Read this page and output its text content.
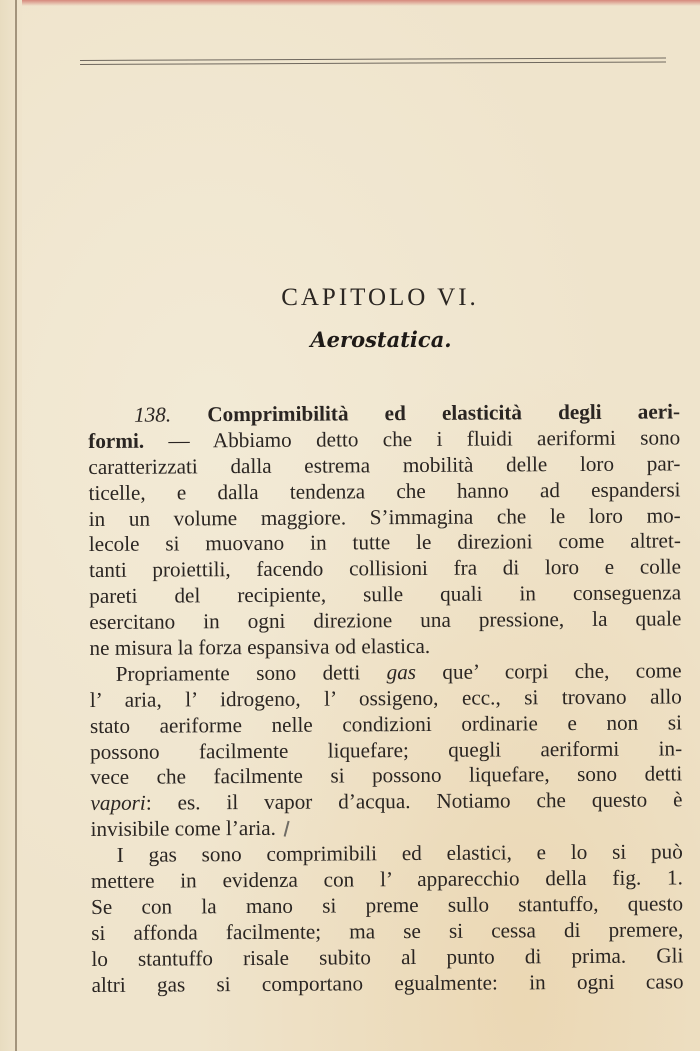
CAPITOLO VI.
Aerostatica.
138. Comprimibilità ed elasticità degli aeri-
formi. — Abbiamo detto che i fluidi aeriformi sono
caratterizzati dalla estrema mobilità delle loro par-
ticelle, e dalla tendenza che hanno ad espandersi
in un volume maggiore. S’immagina che le loro mo-
lecole si muovano in tutte le direzioni come altret-
tanti proiettili, facendo collisioni fra di loro e colle
pareti del recipiente, sulle quali in conseguenza
esercitano in ogni direzione una pressione, la quale
ne misura la forza espansiva od elastica.
Propriamente sono detti gas que’ corpi che, come
l’ aria, l’ idrogeno, l’ ossigeno, ecc., si trovano allo
stato aeriforme nelle condizioni ordinarie e non si
possono facilmente liquefare; quegli aeriformi in-
vece che facilmente si possono liquefare, sono detti
vapori: es. il vapor d’acqua. Notiamo che questo è
invisibile come l’aria.
I gas sono comprimibili ed elastici, e lo si può
mettere in evidenza con l’ apparecchio della fig. 1.
Se con la mano si preme sullo stantuffo, questo
si affonda facilmente; ma se si cessa di premere,
lo stantuffo risale subito al punto di prima. Gli
altri gas si comportano egualmente: in ogni caso
